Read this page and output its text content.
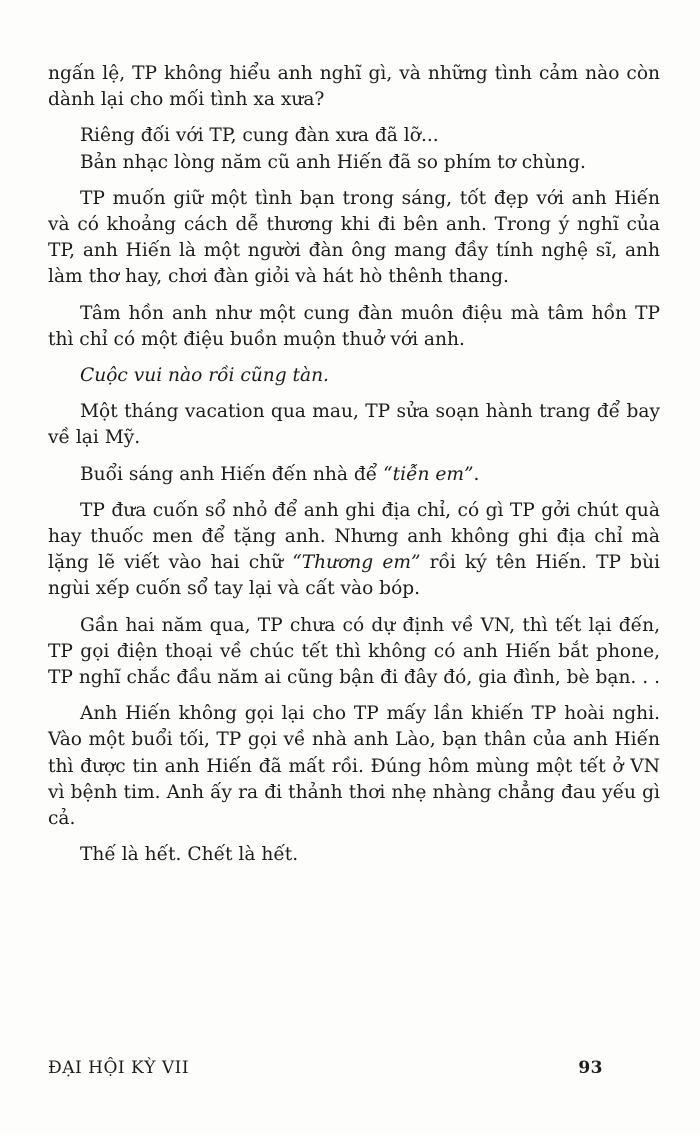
ngấn lệ, TP không hiểu anh nghĩ gì, và những tình cảm nào còn dành lại cho mối tình xa xưa?

Riêng đối với TP, cung đàn xưa đã lỡ...
Bản nhạc lòng năm cũ anh Hiến đã so phím tơ chùng.

TP muốn giữ một tình bạn trong sáng, tốt đẹp với anh Hiến và có khoảng cách dễ thương khi đi bên anh. Trong ý nghĩ của TP, anh Hiến là một người đàn ông mang đầy tính nghệ sĩ, anh làm thơ hay, chơi đàn giỏi và hát hò thênh thang.

Tâm hồn anh như một cung đàn muôn điệu mà tâm hồn TP thì chỉ có một điệu buồn muộn thuở với anh.

Cuộc vui nào rồi cũng tàn.

Một tháng vacation qua mau, TP sửa soạn hành trang để bay về lại Mỹ.

Buổi sáng anh Hiến đến nhà để “tiễn em”.

TP đưa cuốn sổ nhỏ để anh ghi địa chỉ, có gì TP gởi chút quà hay thuốc men để tặng anh. Nhưng anh không ghi địa chỉ mà lặng lẽ viết vào hai chữ “Thương em” rồi ký tên Hiến. TP bùi ngùi xếp cuốn sổ tay lại và cất vào bóp.

Gần hai năm qua, TP chưa có dự định về VN, thì tết lại đến, TP gọi điện thoại về chúc tết thì không có anh Hiến bắt phone, TP nghĩ chắc đầu năm ai cũng bận đi đây đó, gia đình, bè bạn. . .

Anh Hiến không gọi lại cho TP mấy lần khiến TP hoài nghi. Vào một buổi tối, TP gọi về nhà anh Lào, bạn thân của anh Hiến thì được tin anh Hiến đã mất rồi. Đúng hôm mùng một tết ở VN vì bệnh tim. Anh ấy ra đi thảnh thơi nhẹ nhàng chẳng đau yếu gì cả.

Thế là hết. Chết là hết.

ĐẠI HỘI KỲ VII	93
